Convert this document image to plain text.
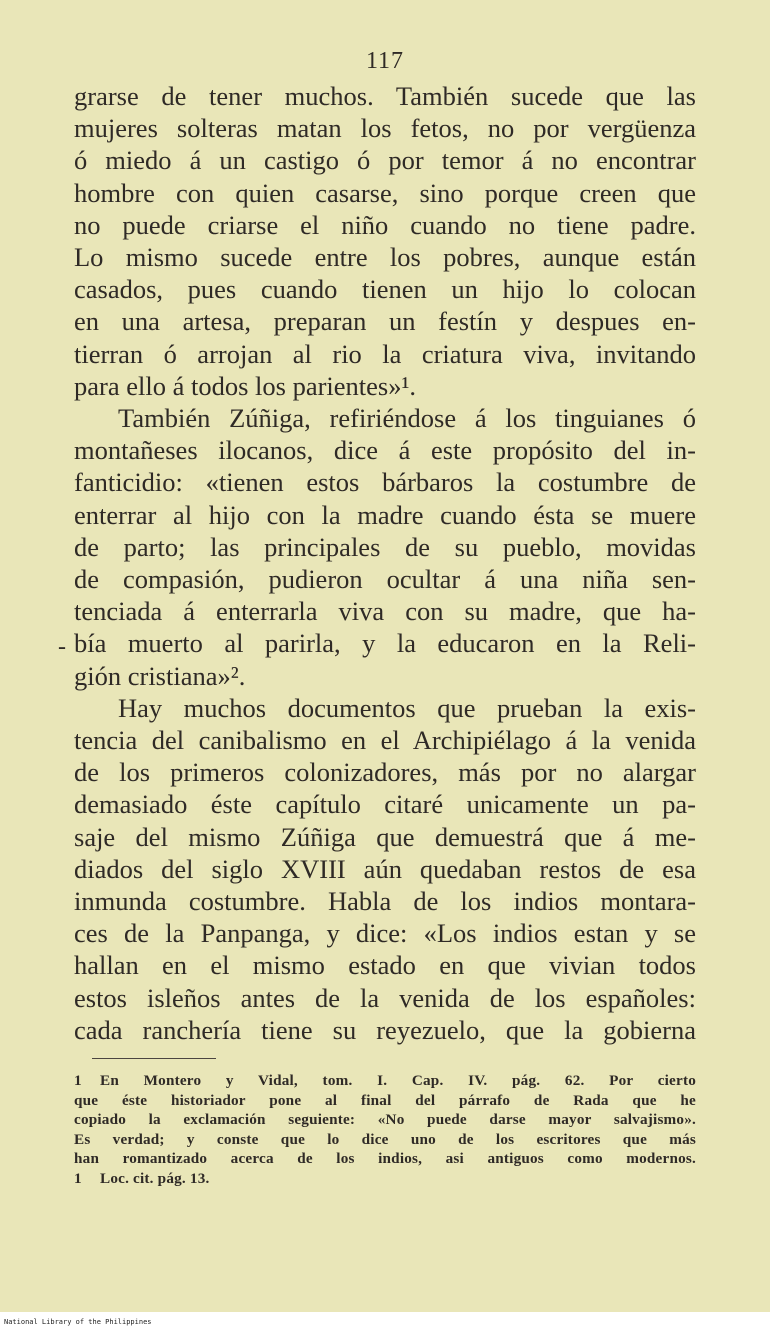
117
grarse de tener muchos. También sucede que las
mujeres solteras matan los fetos, no por vergüenza
ó miedo á un castigo ó por temor á no encontrar
hombre con quien casarse, sino porque creen que
no puede criarse el niño cuando no tiene padre.
Lo mismo sucede entre los pobres, aunque están
casados, pues cuando tienen un hijo lo colocan
en una artesa, preparan un festín y despues en-
tierran ó arrojan al rio la criatura viva, invitando
para ello á todos los parientes»¹.
También Zúñiga, refiriéndose á los tinguianes ó
montañeses ilocanos, dice á este propósito del in-
fanticidio: «tienen estos bárbaros la costumbre de
enterrar al hijo con la madre cuando ésta se muere
de parto; las principales de su pueblo, movidas
de compasión, pudieron ocultar á una niña sen-
tenciada á enterrarla viva con su madre, que ha-
bía muerto al parirla, y la educaron en la Reli-
gión cristiana»².
Hay muchos documentos que prueban la exis-
tencia del canibalismo en el Archipiélago á la venida
de los primeros colonizadores, más por no alargar
demasiado éste capítulo citaré unicamente un pa-
saje del mismo Zúñiga que demuestrá que á me-
diados del siglo XVIII aún quedaban restos de esa
inmunda costumbre. Habla de los indios montara-
ces de la Panpanga, y dice: «Los indios estan y se
hallan en el mismo estado en que vivian todos
estos isleños antes de la venida de los españoles:
cada ranchería tiene su reyezuelo, que la gobierna
-
1 En Montero y Vidal, tom. I. Cap. IV. pág. 62. Por cierto
que éste historiador pone al final del párrafo de Rada que he
copiado la exclamación seguiente: «No puede darse mayor salvajismo».
Es verdad; y conste que lo dice uno de los escritores que más
han romantizado acerca de los indios, asi antiguos como modernos.
1 Loc. cit. pág. 13.
National Library of the Philippines
